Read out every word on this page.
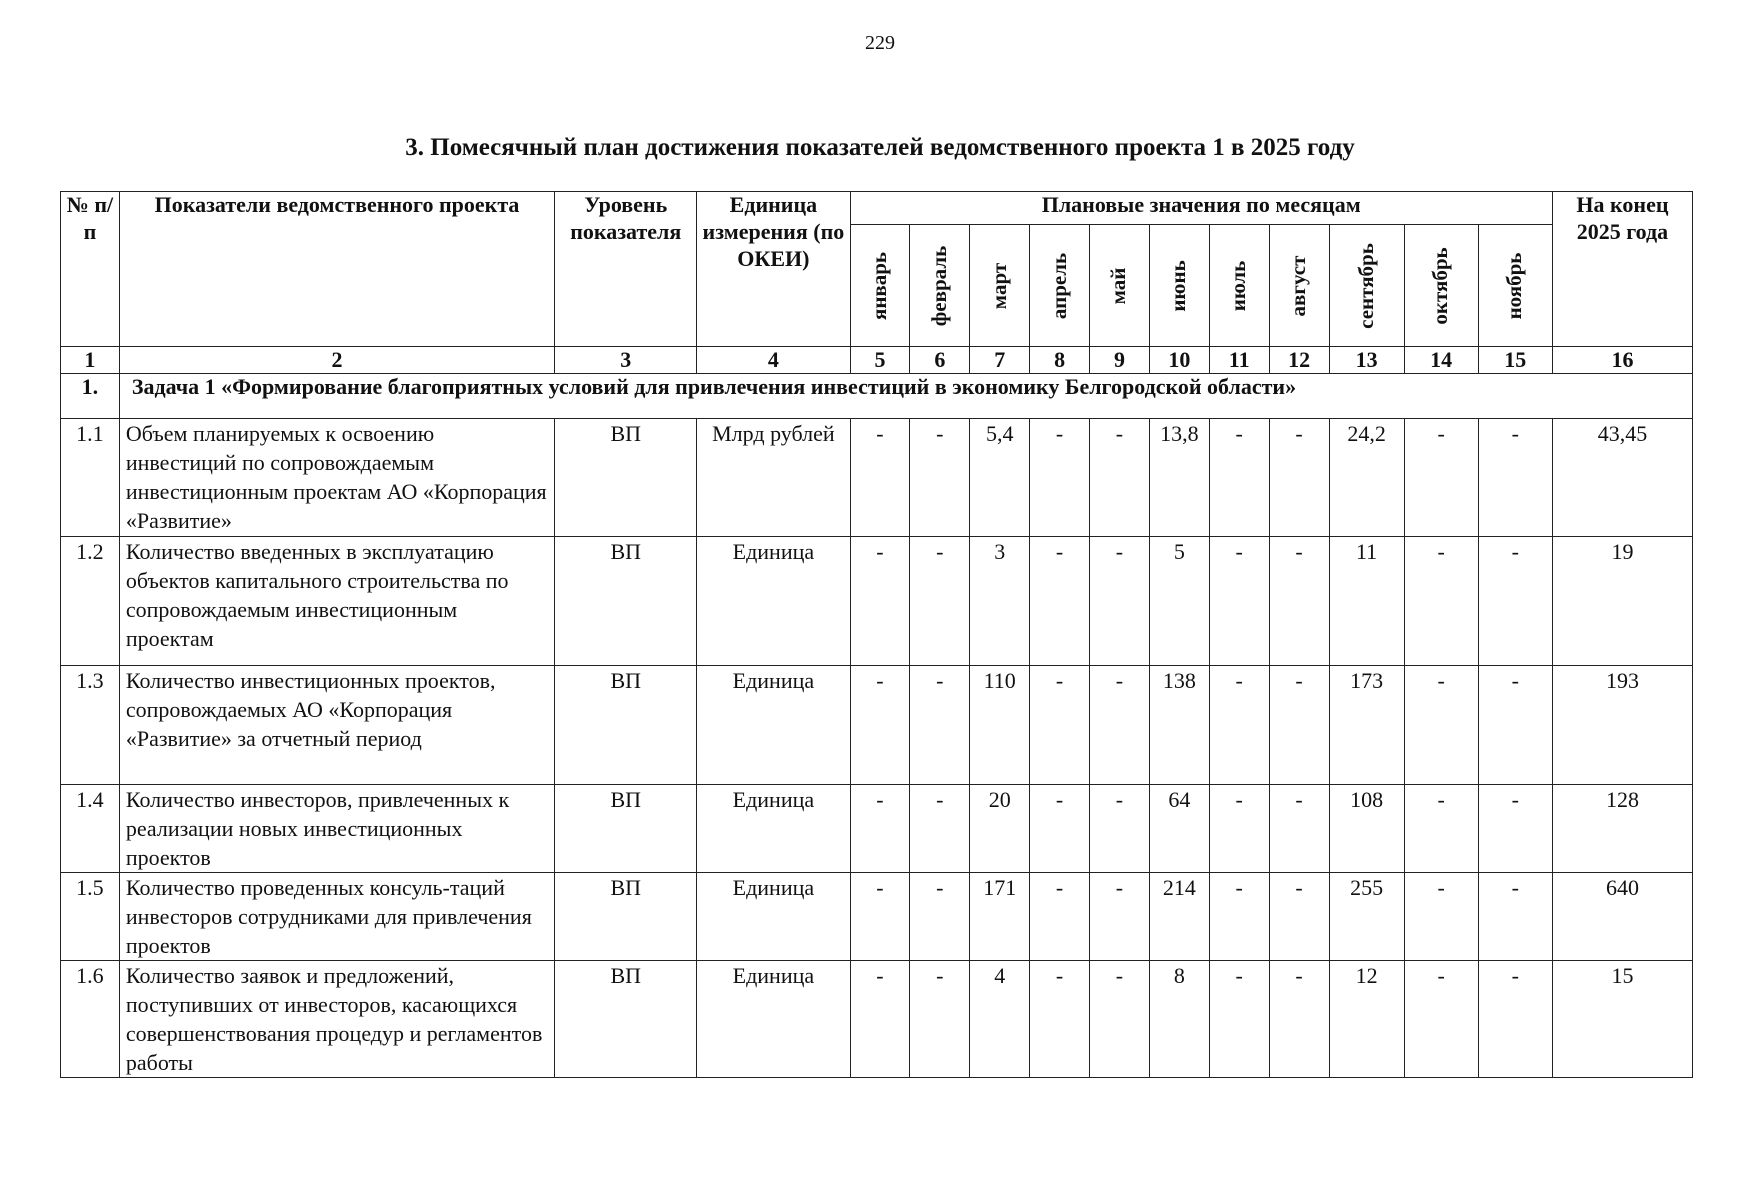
229
3. Помесячный план достижения показателей ведомственного проекта 1 в 2025 году
№ п/п	Показатели ведомственного проекта	Уровень показателя	Единица измерения (по ОКЕИ)	Плановые значения по месяцам											На конец 2025 года

				январь	февраль	март	апрель	май	июнь	июль	август	сентябрь	октябрь	ноябрь	

1	2	3	4	5	6	7	8	9	10	11	12	13	14	15	16
1.	Задача 1 «Формирование благоприятных условий для привлечения инвестиций в экономику Белгородской области»														
1.1	Объем планируемых к освоению инвестиций по сопровождаемым инвестиционным проектам АО «Корпорация «Развитие»	ВП	Млрд рублей	-	-	5,4	-	-	13,8	-	-	24,2	-	-	43,45
1.2	Количество введенных в эксплуатацию объектов капитального строительства по сопровождаемым инвестиционным проектам	ВП	Единица	-	-	3	-	-	5	-	-	11	-	-	19
1.3	Количество инвестиционных проектов, сопровождаемых АО «Корпорация «Развитие» за отчетный период	ВП	Единица	-	-	110	-	-	138	-	-	173	-	-	193
1.4	Количество инвесторов, привлеченных к реализации новых инвестиционных проектов	ВП	Единица	-	-	20	-	-	64	-	-	108	-	-	128
1.5	Количество проведенных консуль-таций инвесторов сотрудниками для привлечения проектов	ВП	Единица	-	-	171	-	-	214	-	-	255	-	-	640
1.6	Количество заявок и предложений, поступивших от инвесторов, касающихся совершенствования процедур и регламентов работы	ВП	Единица	-	-	4	-	-	8	-	-	12	-	-	15
